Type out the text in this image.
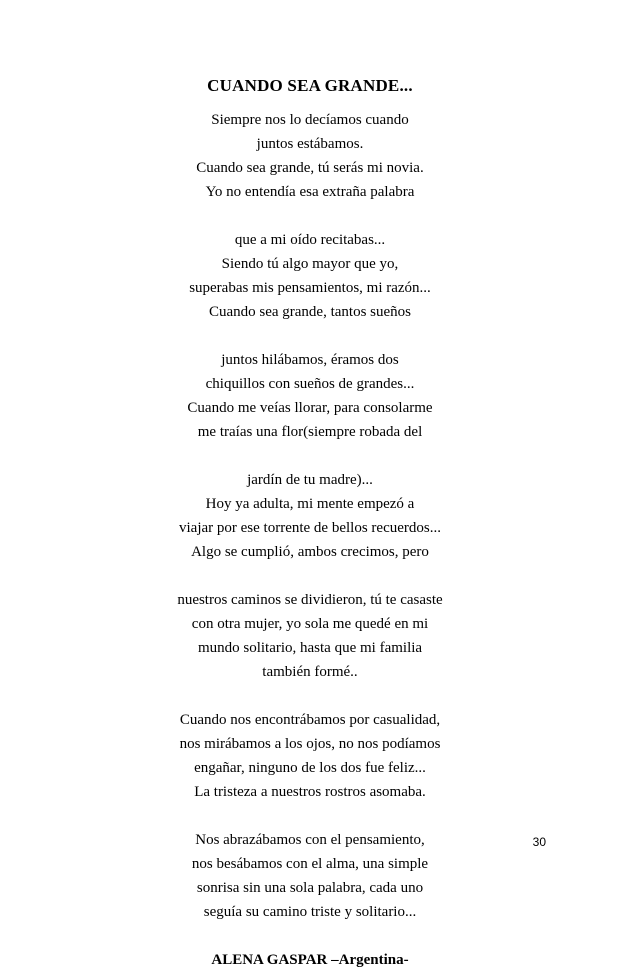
CUANDO SEA GRANDE...
Siempre nos lo decíamos cuando
juntos estábamos.
Cuando sea grande, tú serás mi novia.
Yo no entendía esa extraña palabra
que a mi oído recitabas...
Siendo tú algo mayor que yo,
superabas mis pensamientos, mi razón...
Cuando sea grande, tantos sueños
juntos hilábamos, éramos dos
chiquillos con sueños de grandes...
Cuando me veías llorar, para consolarme
me traías una flor(siempre robada del
jardín de tu madre)...
Hoy ya adulta, mi mente empezó a
viajar por ese torrente de bellos recuerdos...
Algo se cumplió, ambos crecimos, pero
nuestros caminos se dividieron, tú te casaste
con otra mujer, yo sola me quedé en mi
mundo solitario, hasta que mi familia
también formé..
Cuando nos encontrábamos por casualidad,
nos mirábamos a los ojos, no nos podíamos
engañar, ninguno de los dos fue feliz...
La tristeza a nuestros rostros asomaba.
Nos abrazábamos con el pensamiento,
nos besábamos con el alma, una simple
sonrisa sin una sola palabra, cada uno
seguía su camino triste y solitario...
ALENA GASPAR –Argentina-
30
